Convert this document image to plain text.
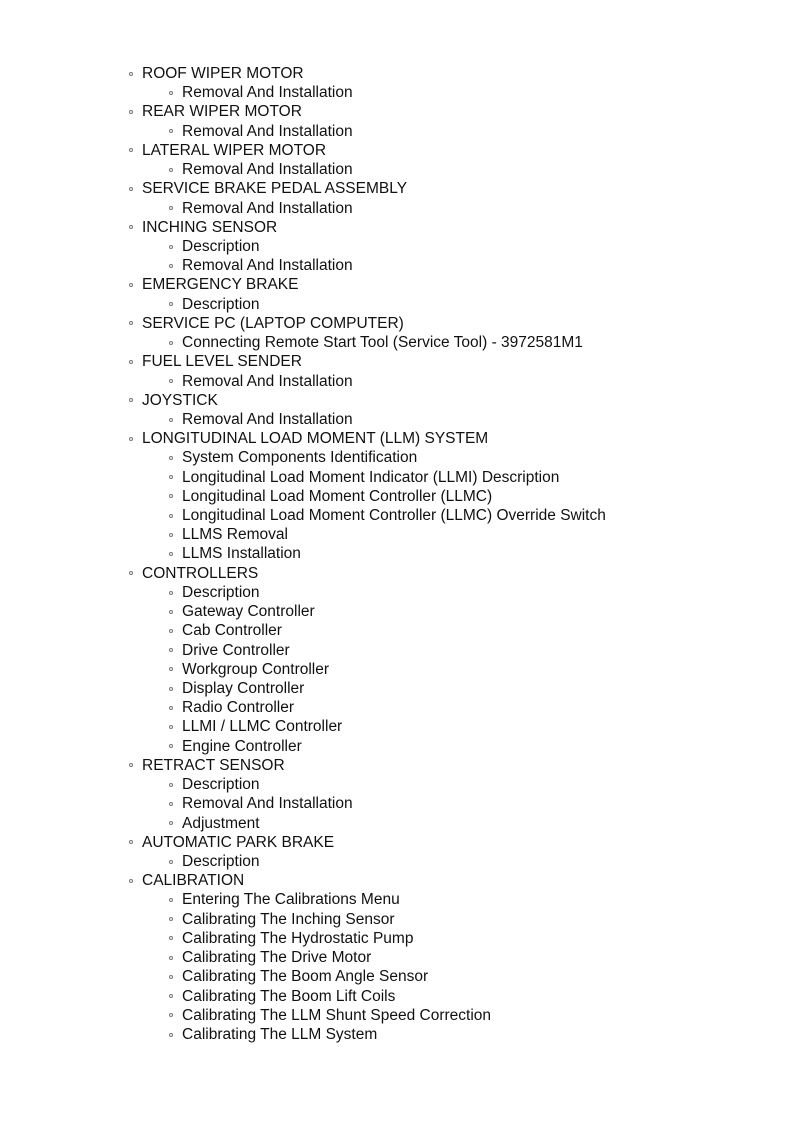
ROOF WIPER MOTOR
Removal And Installation
REAR WIPER MOTOR
Removal And Installation
LATERAL WIPER MOTOR
Removal And Installation
SERVICE BRAKE PEDAL ASSEMBLY
Removal And Installation
INCHING SENSOR
Description
Removal And Installation
EMERGENCY BRAKE
Description
SERVICE PC (LAPTOP COMPUTER)
Connecting Remote Start Tool (Service Tool) - 3972581M1
FUEL LEVEL SENDER
Removal And Installation
JOYSTICK
Removal And Installation
LONGITUDINAL LOAD MOMENT (LLM) SYSTEM
System Components Identification
Longitudinal Load Moment Indicator (LLMI) Description
Longitudinal Load Moment Controller (LLMC)
Longitudinal Load Moment Controller (LLMC) Override Switch
LLMS Removal
LLMS Installation
CONTROLLERS
Description
Gateway Controller
Cab Controller
Drive Controller
Workgroup Controller
Display Controller
Radio Controller
LLMI / LLMC Controller
Engine Controller
RETRACT SENSOR
Description
Removal And Installation
Adjustment
AUTOMATIC PARK BRAKE
Description
CALIBRATION
Entering The Calibrations Menu
Calibrating The Inching Sensor
Calibrating The Hydrostatic Pump
Calibrating The Drive Motor
Calibrating The Boom Angle Sensor
Calibrating The Boom Lift Coils
Calibrating The LLM Shunt Speed Correction
Calibrating The LLM System
